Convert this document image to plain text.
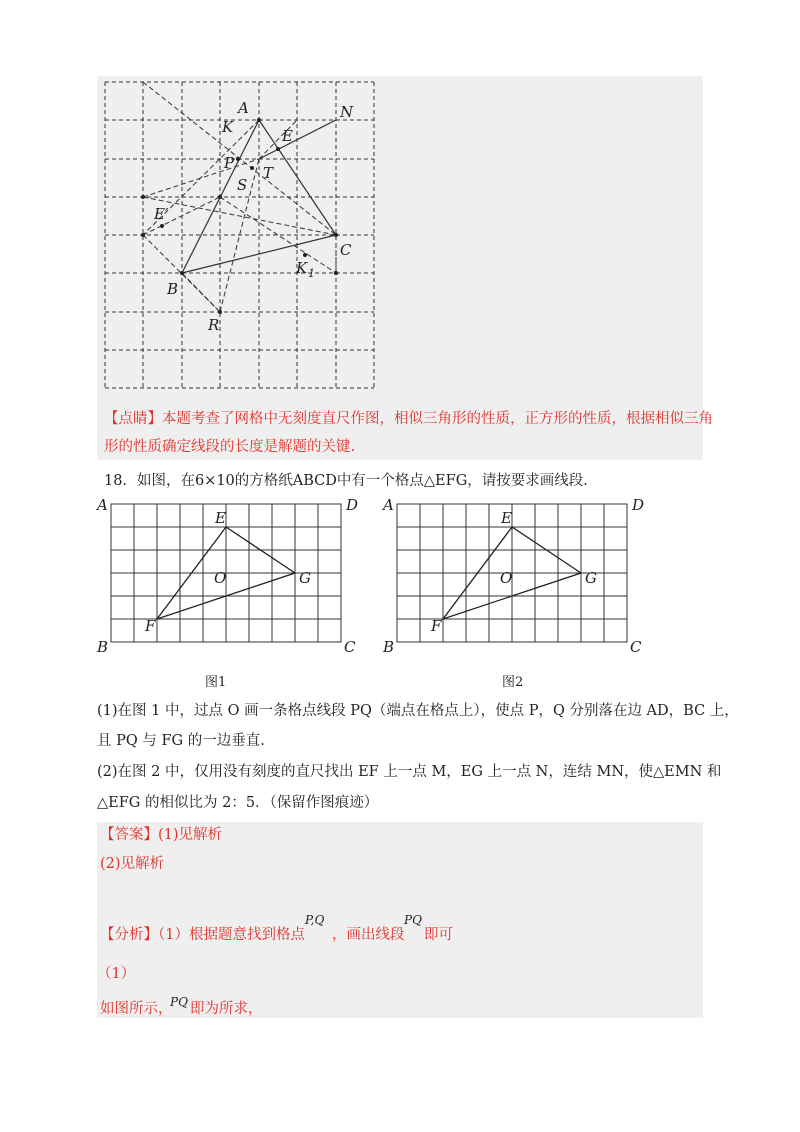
A	N
K	E
P
T
S
E′
C
K 1
B
R
【点睛】本题考查了网格中无刻度直尺作图，相似三角形的性质，正方形的性质，根据相似三角
形的性质确定线段的长度是解题的关键.
18．如图，在6×10的方格纸ABCD中有一个格点△EFG，请按要求画线段.
A	D
B	C
E
O	G
F
A	D
B	C
E
O	G
F
图1	图2
(1)在图 1 中，过点 O 画一条格点线段 PQ（端点在格点上），使点 P，Q 分别落在边 AD，BC 上，
且 PQ 与 FG 的一边垂直.
(2)在图 2 中，仅用没有刻度的直尺找出 EF 上一点 M，EG 上一点 N，连结 MN，使△EMN 和
△EFG 的相似比为 2：5．（保留作图痕迹）
【答案】(1)见解析
(2)见解析
【分析】（1）根据题意找到格点
P,Q
，画出线段
PQ
即可
（1）
如图所示，
PQ 即为所求，
